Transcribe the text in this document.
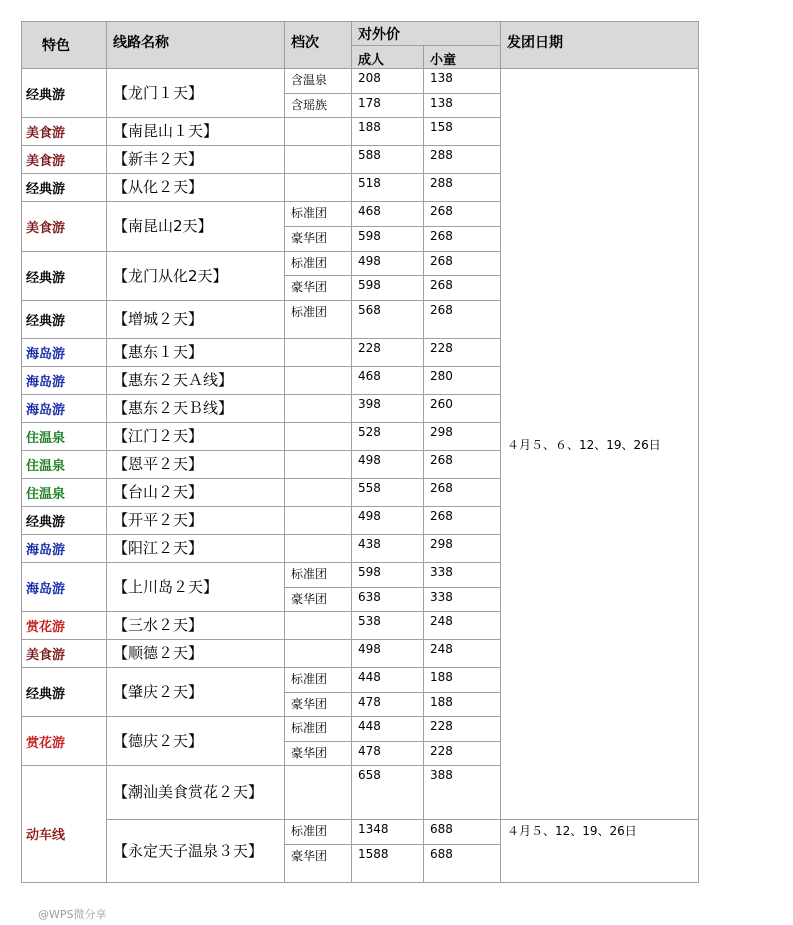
特色	线路名称	档次	对外价		发团日期
			成人	小童	
经典游	【龙门１天】	含温泉	208	138	４月５、６、12、19、26日
		含瑶族	178	138	
美食游	【南昆山１天】		188	158	
美食游	【新丰２天】		588	288	
经典游	【从化２天】		518	288	
美食游	【南昆山2天】	标准团	468	268	
		豪华团	598	268	
经典游	【龙门从化2天】	标准团	498	268	
		豪华团	598	268	
经典游	【增城２天】	标准团	568	268	
海岛游	【惠东１天】		228	228	
海岛游	【惠东２天Ａ线】		468	280	
海岛游	【惠东２天Ｂ线】		398	260	
住温泉	【江门２天】		528	298	
住温泉	【恩平２天】		498	268	
住温泉	【台山２天】		558	268	
经典游	【开平２天】		498	268	
海岛游	【阳江２天】		438	298	
海岛游	【上川岛２天】	标准团	598	338	
		豪华团	638	338	
赏花游	【三水２天】		538	248	
美食游	【顺德２天】		498	248	
经典游	【肇庆２天】	标准团	448	188	
		豪华团	478	188	
赏花游	【德庆２天】	标准团	448	228	
		豪华团	478	228	
动车线	【潮汕美食赏花２天】		658	388	
	【永定天子温泉３天】	标准团	1348	688	４月５、12、19、26日
		豪华团	1588	688	
@WPS微分享
